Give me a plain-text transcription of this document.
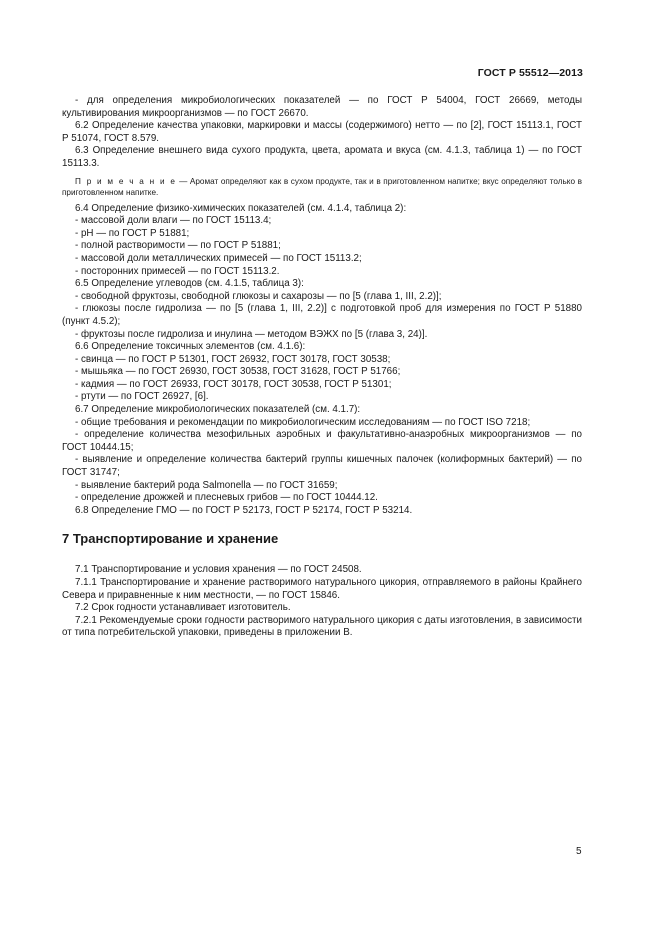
ГОСТ Р 55512—2013

- для определения микробиологических показателей — по ГОСТ Р 54004, ГОСТ 26669, методы культивирования микроорганизмов — по ГОСТ 26670.

6.2 Определение качества упаковки, маркировки и массы (содержимого) нетто — по [2], ГОСТ 15113.1, ГОСТ Р 51074, ГОСТ 8.579.

6.3 Определение внешнего вида сухого продукта, цвета, аромата и вкуса (см. 4.1.3, таблица 1) — по ГОСТ 15113.3.

П р и м е ч а н и е — Аромат определяют как в сухом продукте, так и в приготовленном напитке; вкус определяют только в приготовленном напитке.

6.4 Определение физико-химических показателей (см. 4.1.4, таблица 2):

- массовой доли влаги — по ГОСТ 15113.4;

- рН — по ГОСТ Р 51881;

- полной растворимости — по ГОСТ Р 51881;

- массовой доли металлических примесей — по ГОСТ 15113.2;

- посторонних примесей — по ГОСТ 15113.2.

6.5 Определение углеводов (см. 4.1.5, таблица 3):

- свободной фруктозы, свободной глюкозы и сахарозы — по [5 (глава 1, III, 2.2)];

- глюкозы после гидролиза — по [5 (глава 1, III, 2.2)] с подготовкой проб для измерения по ГОСТ Р 51880 (пункт 4.5.2);

- фруктозы после гидролиза и инулина — методом ВЭЖХ по [5 (глава 3, 24)].

6.6 Определение токсичных элементов (см. 4.1.6):

- свинца — по ГОСТ Р 51301, ГОСТ 26932, ГОСТ 30178, ГОСТ 30538;

- мышьяка — по ГОСТ 26930, ГОСТ 30538, ГОСТ 31628, ГОСТ Р 51766;

- кадмия — по ГОСТ 26933, ГОСТ 30178, ГОСТ 30538, ГОСТ Р 51301;

- ртути — по ГОСТ 26927, [6].

6.7 Определение микробиологических показателей (см. 4.1.7):

- общие требования и рекомендации по микробиологическим исследованиям — по ГОСТ ISO 7218;

- определение количества мезофильных аэробных и факультативно-анаэробных микроорганизмов — по ГОСТ 10444.15;

- выявление и определение количества бактерий группы кишечных палочек (колиформных бактерий) — по ГОСТ 31747;

- выявление бактерий рода Salmonella — по ГОСТ 31659;

- определение дрожжей и плесневых грибов — по ГОСТ 10444.12.

6.8 Определение ГМО — по ГОСТ Р 52173, ГОСТ Р 52174, ГОСТ Р 53214.

7 Транспортирование и хранение

7.1 Транспортирование и условия хранения — по ГОСТ 24508.

7.1.1 Транспортирование и хранение растворимого натурального цикория, отправляемого в районы Крайнего Севера и приравненные к ним местности, — по ГОСТ 15846.

7.2 Срок годности устанавливает изготовитель.

7.2.1 Рекомендуемые сроки годности растворимого натурального цикория с даты изготовления, в зависимости от типа потребительской упаковки, приведены в приложении В.

5
